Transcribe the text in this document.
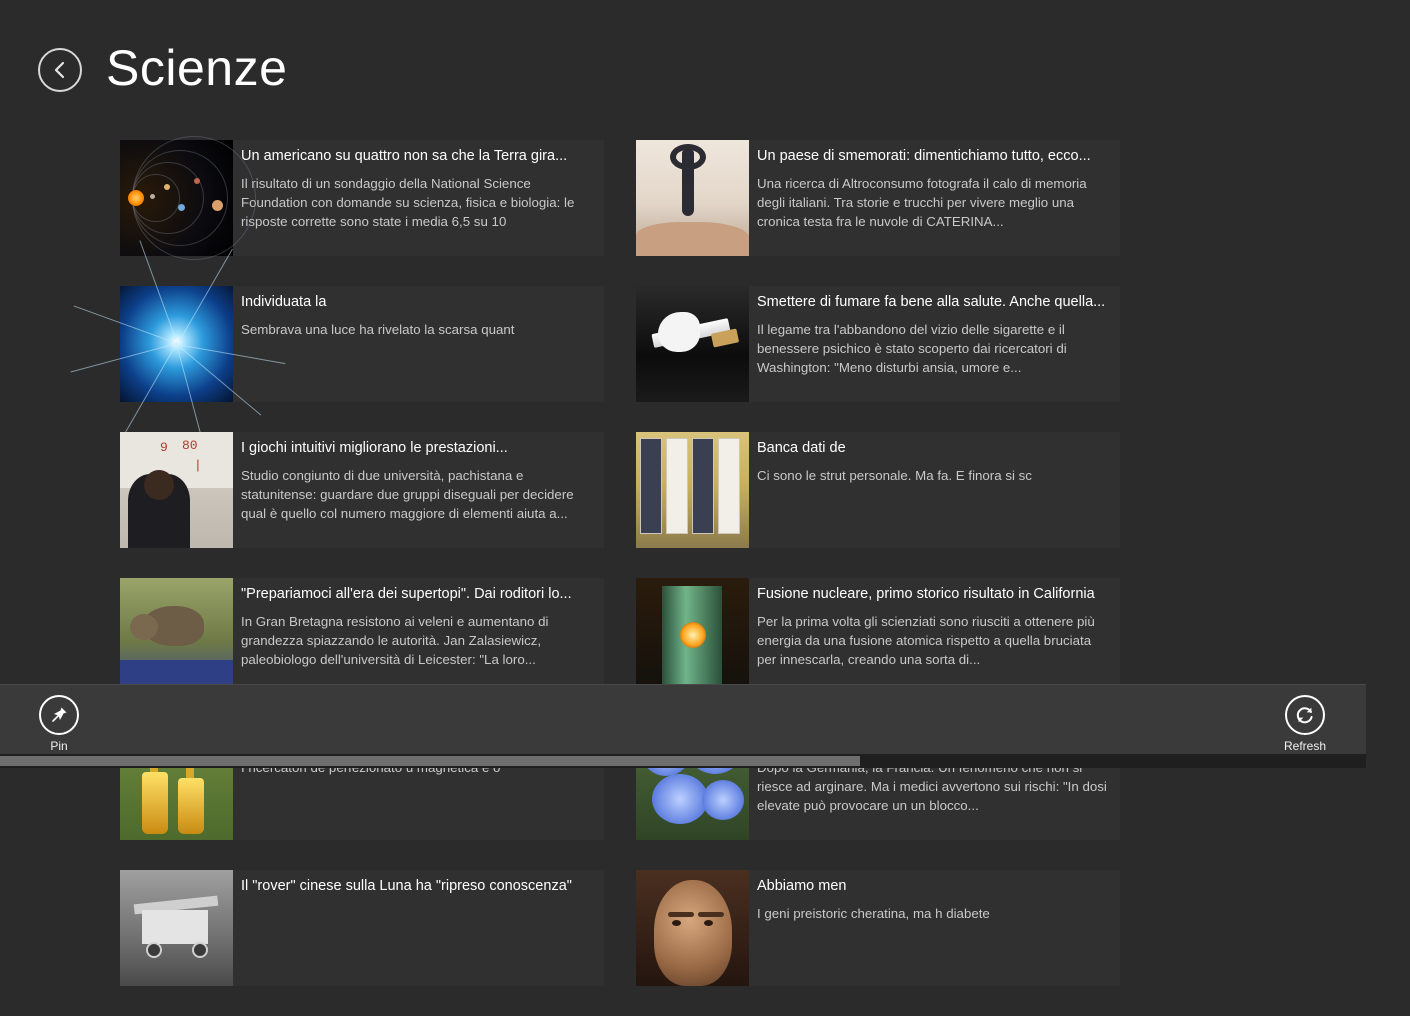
Scienze
Un americano su quattro non sa che la Terra gira...
Il risultato di un sondaggio della National Science Foundation con domande su scienza, fisica e biologia: le risposte corrette sono state i media 6,5 su 10
Un paese di smemorati: dimentichiamo tutto, ecco...
Una ricerca di Altroconsumo fotografa il calo di memoria degli italiani. Tra storie e trucchi per vivere meglio una cronica testa fra le nuvole di CATERINA...
Individuata la
Sembrava una luce ha rivelato la scarsa quant
Smettere di fumare fa bene alla salute. Anche quella...
Il legame tra l'abbandono del vizio delle sigarette e il benessere psichico è stato scoperto dai ricercatori di Washington: "Meno disturbi ansia, umore e...
9 80
|
I giochi intuitivi migliorano le prestazioni...
Studio congiunto di due università, pachistana e statunitense: guardare due gruppi diseguali per decidere qual è quello col numero maggiore di elementi aiuta a...
Banca dati de
Ci sono le strut personale. Ma fa. E finora si sc
"Prepariamoci all'era dei supertopi". Dai roditori lo...
In Gran Bretagna resistono ai veleni e aumentano di grandezza spiazzando le autorità. Jan Zalasiewicz, paleobiologo dell'università di Leicester: "La loro...
Fusione nucleare, primo storico risultato in California
Per la prima volta gli scienziati sono riusciti a ottenere più energia da una fusione atomica rispetto a quella bruciata per innescarla, creando una sorta di...
riesce ad arginare. Ma i medici avvertono sui rischi: "In dosi elevate può provocare un un blocco...
Il "rover" cinese sulla Luna ha "ripreso conoscenza"	Abbiamo men
I geni preistoric cheratina, ma h diabete
Pin	Refresh
